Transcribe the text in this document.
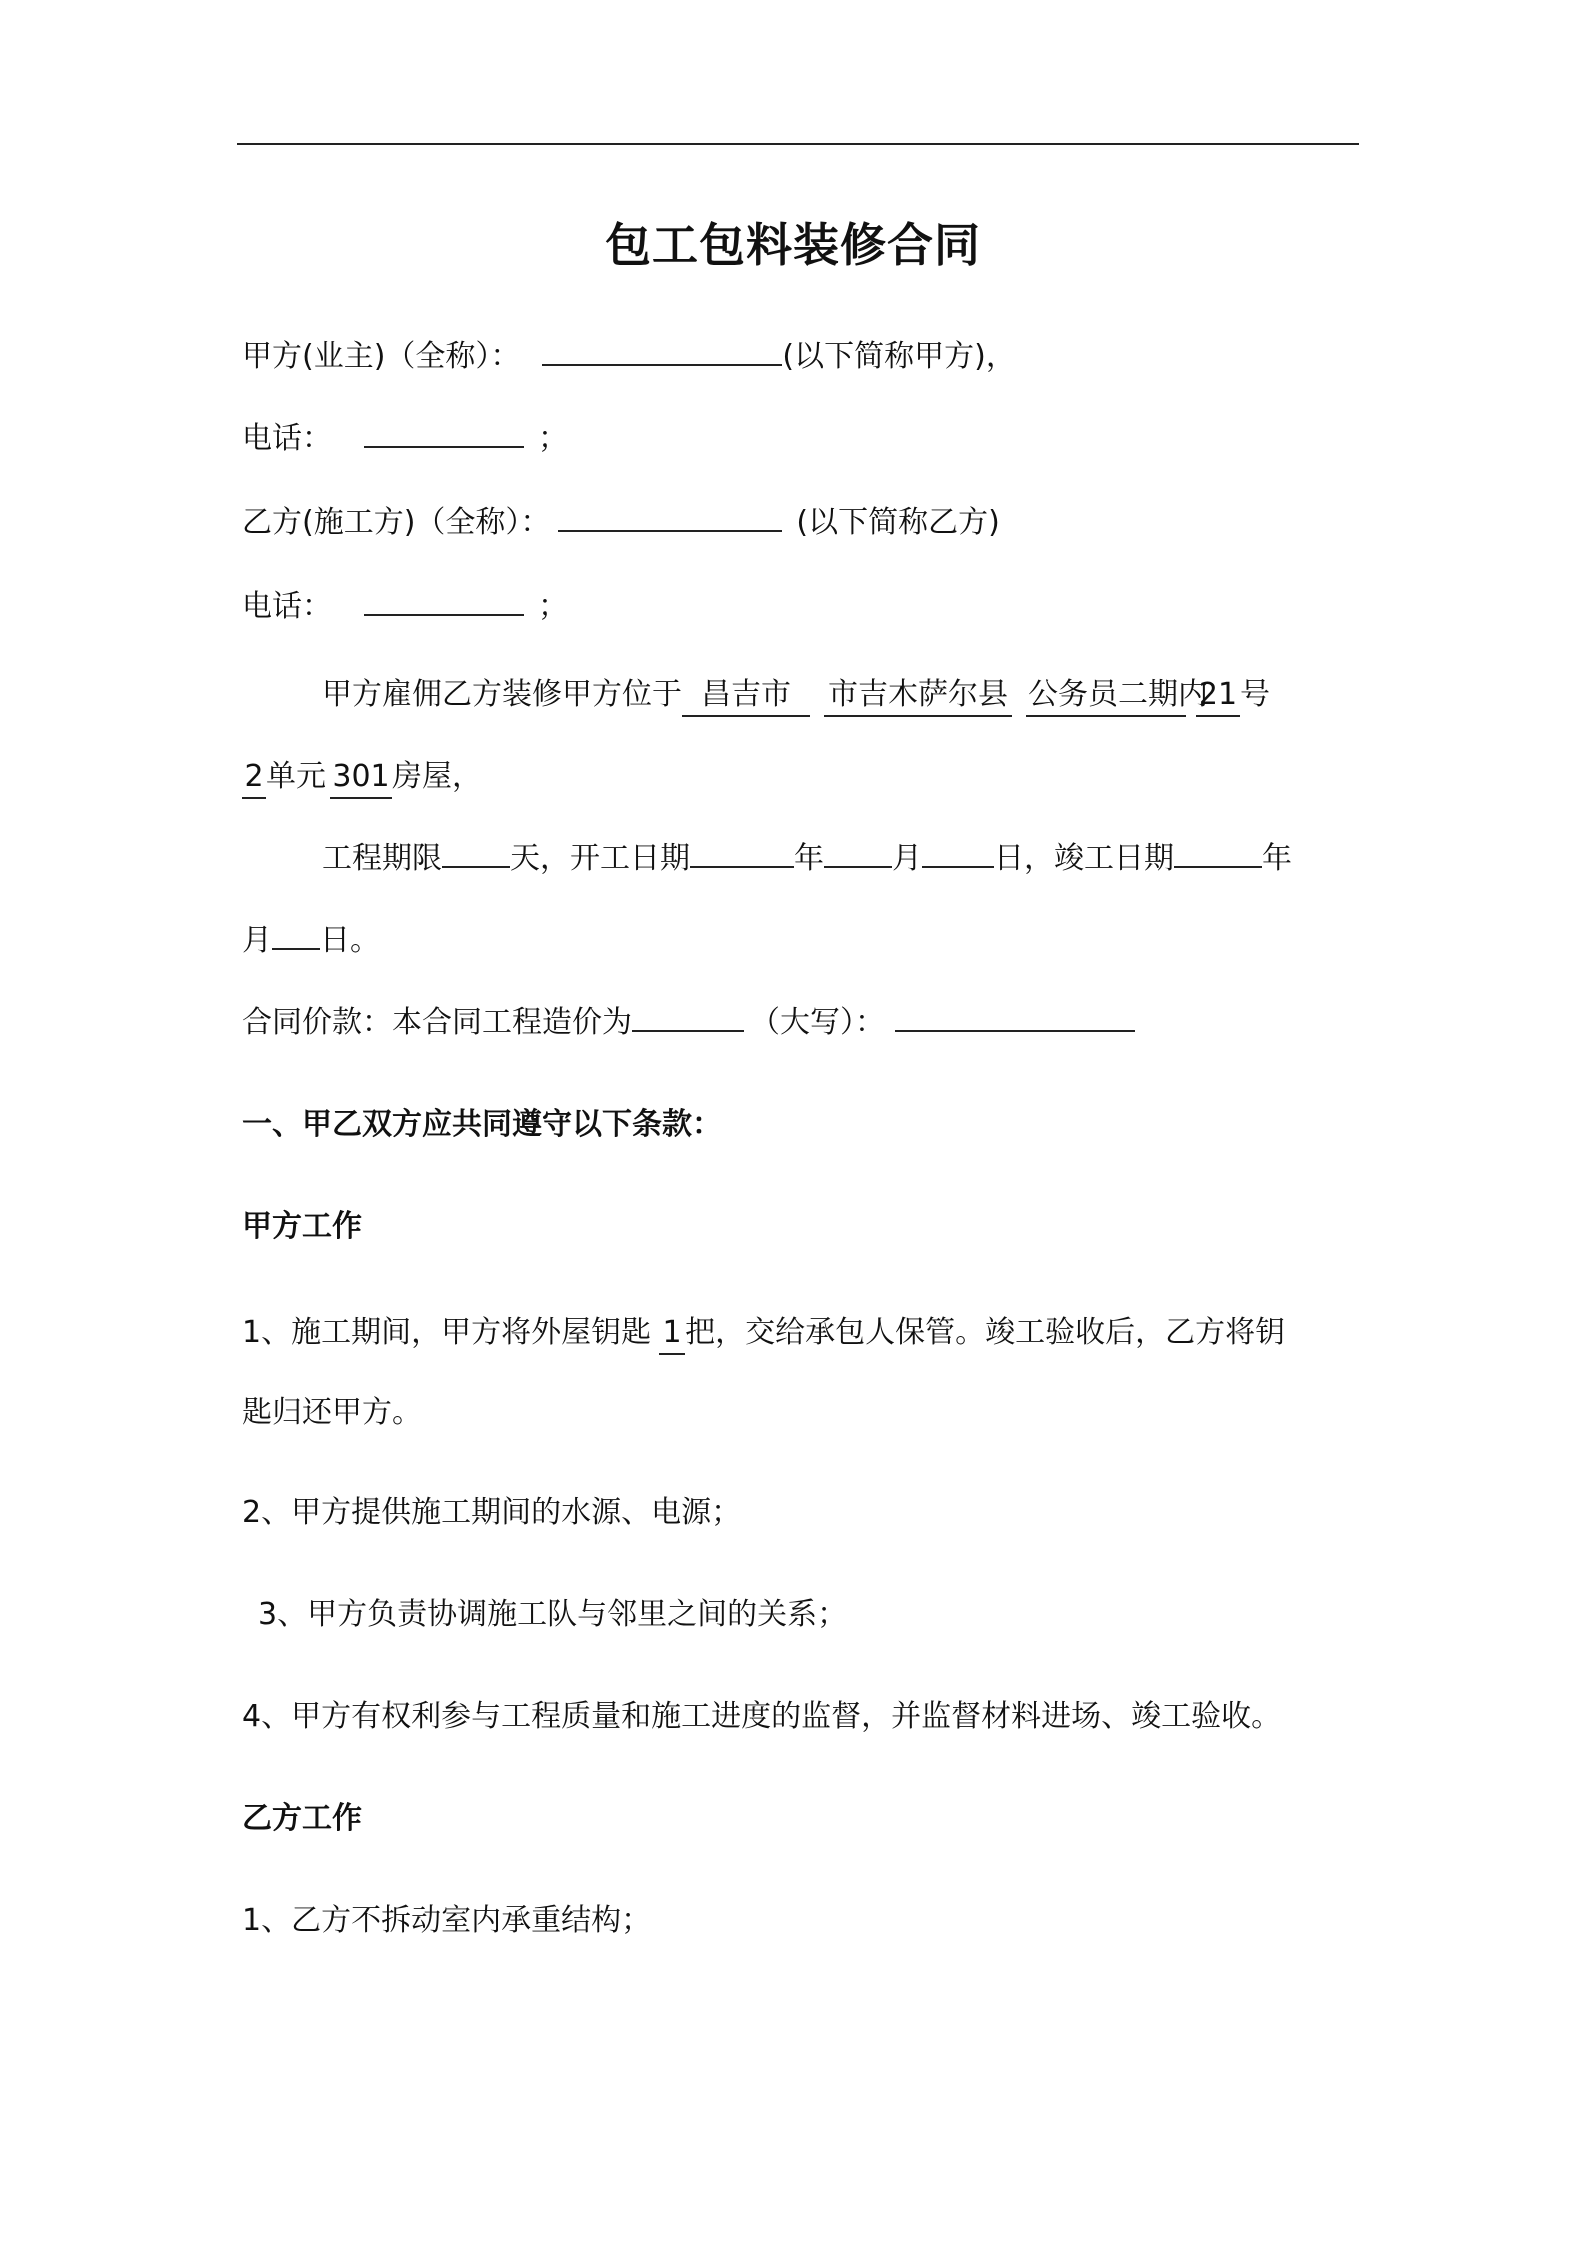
包工包料装修合同
甲方(业主)（全称）：	(以下简称甲方)，
电话：	；
乙方(施工方)（全称）：	(以下简称乙方)
电话：	；
甲方雇佣乙方装修甲方位于 昌吉市 市吉木萨尔县 公务员二期内21号
2单元 301房屋，
工程期限 天，开工日期	年 月 日，竣工日期	年
月 日。
合同价款：本合同工程造价为	（大写）：
一、甲乙双方应共同遵守以下条款：
甲方工作
1、施工期间，甲方将外屋钥匙 1 把，交给承包人保管。竣工验收后，乙方将钥
匙归还甲方。
2、甲方提供施工期间的水源、电源；
3、甲方负责协调施工队与邻里之间的关系；
4、甲方有权利参与工程质量和施工进度的监督，并监督材料进场、竣工验收。
乙方工作
1、乙方不拆动室内承重结构；
